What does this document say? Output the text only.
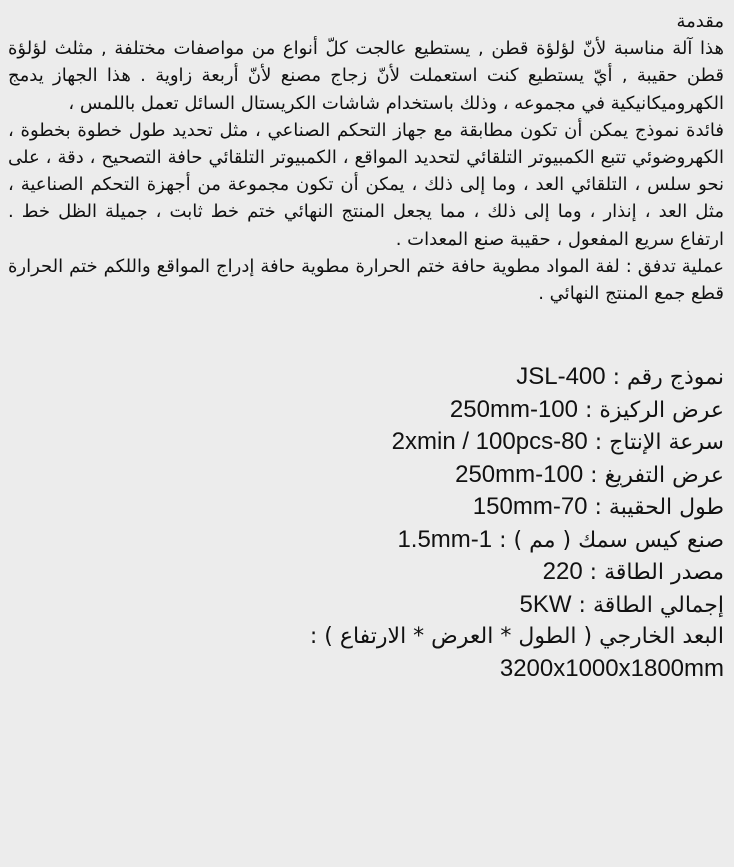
مقدمة

هذا آلة مناسبة لأنّ لؤلؤة قطن , يستطيع عالجت كلّ أنواع من مواصفات مختلفة , مثلث لؤلؤة قطن حقيبة , أيّ يستطيع كنت استعملت لأنّ زجاج مصنع لأنّ أربعة زاوية . هذا الجهاز يدمج الكهروميكانيكية في مجموعه ، وذلك باستخدام شاشات الكريستال السائل تعمل باللمس ،

فائدة نموذج يمكن أن تكون مطابقة مع جهاز التحكم الصناعي ، مثل تحديد طول خطوة بخطوة ، الكهروضوئي تتبع الكمبيوتر التلقائي لتحديد المواقع ، الكمبيوتر التلقائي حافة التصحيح ، دقة ، على نحو سلس ، التلقائي العد ، وما إلى ذلك ، يمكن أن تكون مجموعة من أجهزة التحكم الصناعية ، مثل العد ، إنذار ، وما إلى ذلك ، مما يجعل المنتج النهائي ختم خط ثابت ، جميلة الظل خط . ارتفاع سريع المفعول ، حقيبة صنع المعدات .

عملية تدفق : لفة المواد مطوية حافة ختم الحرارة مطوية حافة إدراج المواقع واللكم ختم الحرارة قطع جمع المنتج النهائي .

نموذج رقم : JSL-400

عرض الركيزة : 100-250mm

سرعة الإنتاج : 80-2xmin / 100pcs

عرض التفريغ : 100-250mm

طول الحقيبة : 70-150mm

صنع كيس سمك ( مم ) : 1-1.5mm

مصدر الطاقة : 220

إجمالي الطاقة : 5KW

البعد الخارجي ( الطول * العرض * الارتفاع ) :
3200x1000x1800mm
